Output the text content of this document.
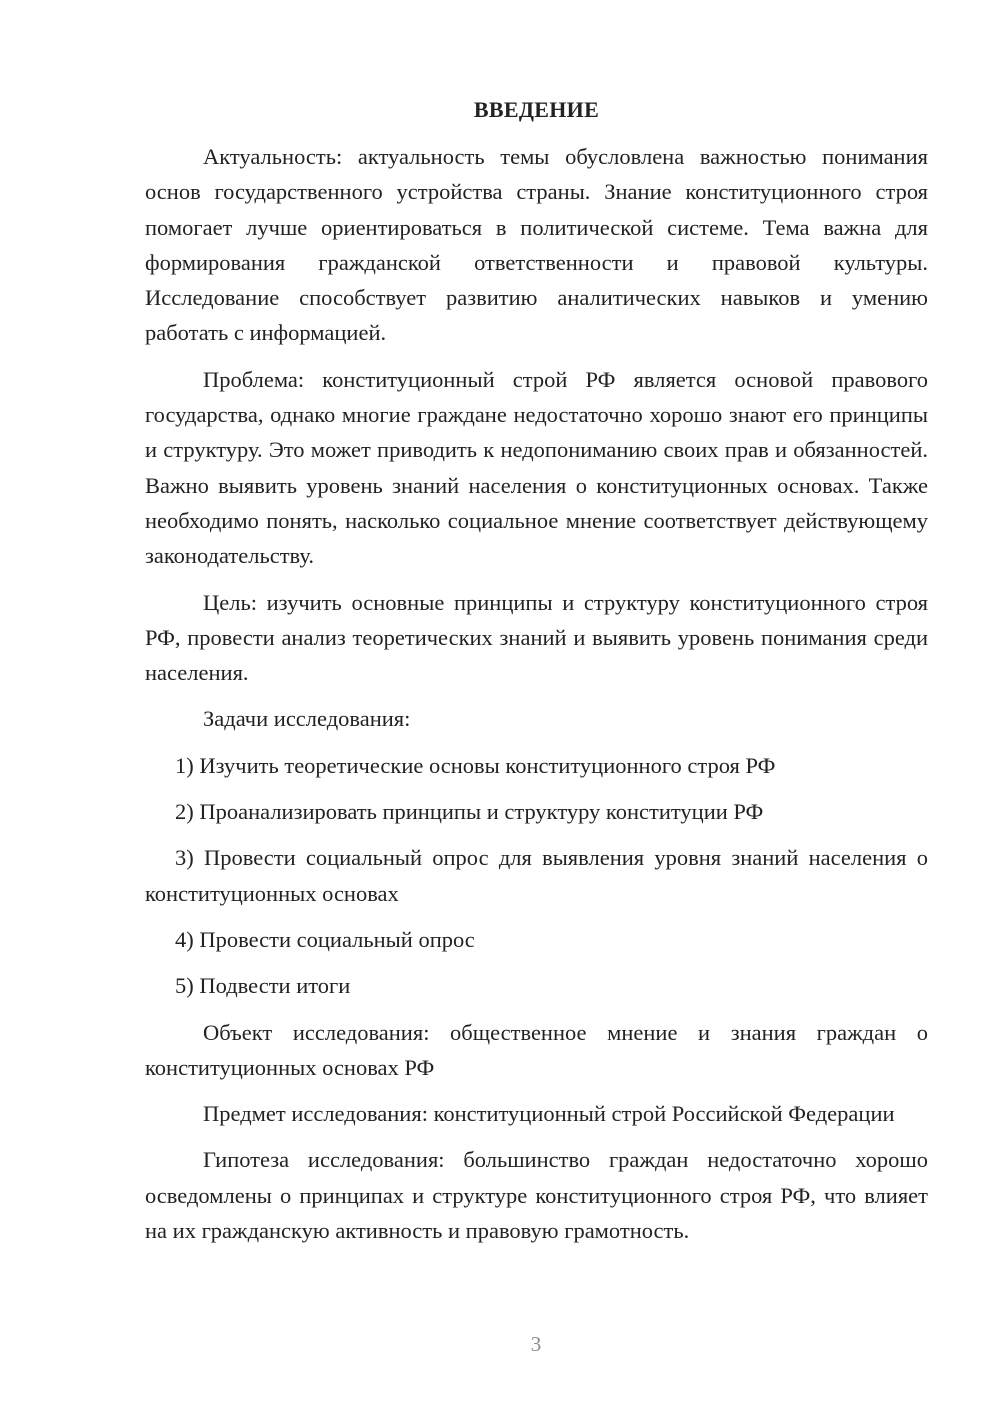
ВВЕДЕНИЕ

Актуальность: актуальность темы обусловлена важностью понимания основ государственного устройства страны. Знание конституционного строя помогает лучше ориентироваться в политической системе. Тема важна для формирования гражданской ответственности и правовой культуры. Исследование способствует развитию аналитических навыков и умению работать с информацией.

Проблема: конституционный строй РФ является основой правового государства, однако многие граждане недостаточно хорошо знают его принципы и структуру. Это может приводить к недопониманию своих прав и обязанностей. Важно выявить уровень знаний населения о конституционных основах. Также необходимо понять, насколько социальное мнение соответствует действующему законодательству.

Цель: изучить основные принципы и структуру конституционного строя РФ, провести анализ теоретических знаний и выявить уровень понимания среди населения.

Задачи исследования:

1) Изучить теоретические основы конституционного строя РФ

2) Проанализировать принципы и структуру конституции РФ

3) Провести социальный опрос для выявления уровня знаний населения о конституционных основах

4) Провести социальный опрос

5) Подвести итоги

Объект исследования: общественное мнение и знания граждан о конституционных основах РФ

Предмет исследования: конституционный строй Российской Федерации

Гипотеза исследования: большинство граждан недостаточно хорошо осведомлены о принципах и структуре конституционного строя РФ, что влияет на их гражданскую активность и правовую грамотность.

3
